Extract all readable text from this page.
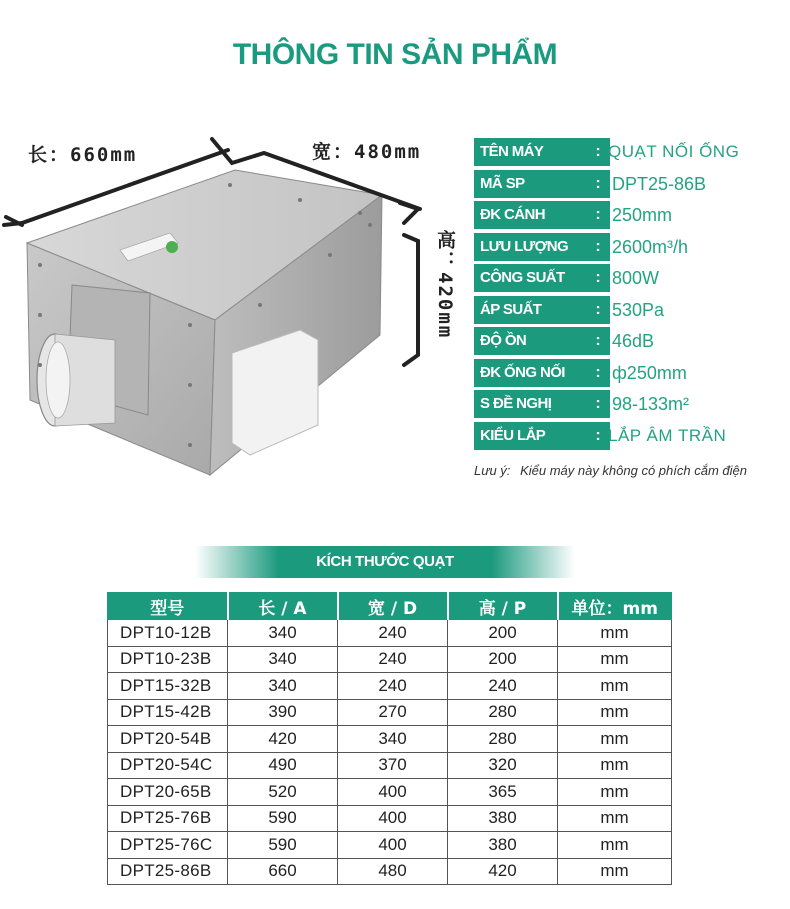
THÔNG TIN SẢN PHẨM
长：660mm	宽：480mm
高：420mm
TÊN MÁY	: QUẠT NỐI ỐNG
MÃ SP	: DPT25-86B
ĐK CÁNH	: 250mm
LƯU LƯỢNG	: 2600m³/h
CÔNG SUẤT	: 800W
ÁP SUẤT	: 530Pa
ĐỘ ỒN	: 46dB
ĐK ỐNG NỐI	: ф250mm
S ĐỀ NGHỊ	: 98-133m²
KIỂU LẮP	: LẮP ÂM TRẦN
Lưu ý: Kiểu máy này không có phích cắm điện
KÍCH THƯỚC QUẠT
型号	长 / A	宽 / D	高 / P	单位：mm
DPT10-12B	340	240	200	mm
DPT10-23B	340	240	200	mm
DPT15-32B	340	240	240	mm
DPT15-42B	390	270	280	mm
DPT20-54B	420	340	280	mm
DPT20-54C	490	370	320	mm
DPT20-65B	520	400	365	mm
DPT25-76B	590	400	380	mm
DPT25-76C	590	400	380	mm
DPT25-86B	660	480	420	mm
